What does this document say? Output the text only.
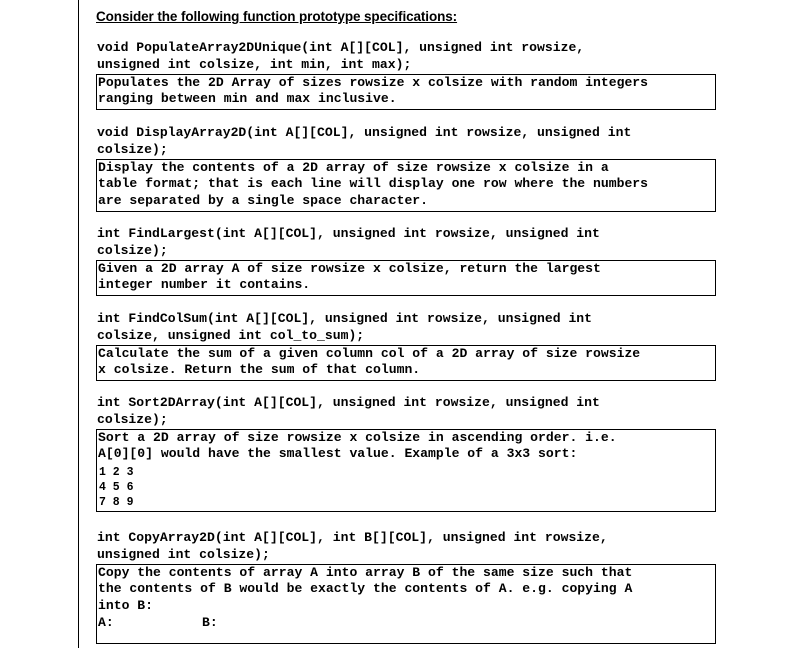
Consider the following function prototype specifications:
void PopulateArray2DUnique(int A[][COL], unsigned int rowsize,
unsigned int colsize, int min, int max);
Populates the 2D Array of sizes rowsize x colsize with random integers
ranging between min and max inclusive.
void DisplayArray2D(int A[][COL], unsigned int rowsize, unsigned int
colsize);
Display the contents of a 2D array of size rowsize x colsize in a
table format; that is each line will display one row where the numbers
are separated by a single space character.
int FindLargest(int A[][COL], unsigned int rowsize, unsigned int
colsize);
Given a 2D array A of size rowsize x colsize, return the largest
integer number it contains.
int FindColSum(int A[][COL], unsigned int rowsize, unsigned int
colsize, unsigned int col_to_sum);
Calculate the sum of a given column col of a 2D array of size rowsize
x colsize. Return the sum of that column.
int Sort2DArray(int A[][COL], unsigned int rowsize, unsigned int
colsize);
Sort a 2D array of size rowsize x colsize in ascending order. i.e.
A[0][0] would have the smallest value. Example of a 3x3 sort:
1 2 3
4 5 6
7 8 9
int CopyArray2D(int A[][COL], int B[][COL], unsigned int rowsize,
unsigned int colsize);
Copy the contents of array A into array B of the same size such that
the contents of B would be exactly the contents of A. e.g. copying A
into B:
A:	B:
